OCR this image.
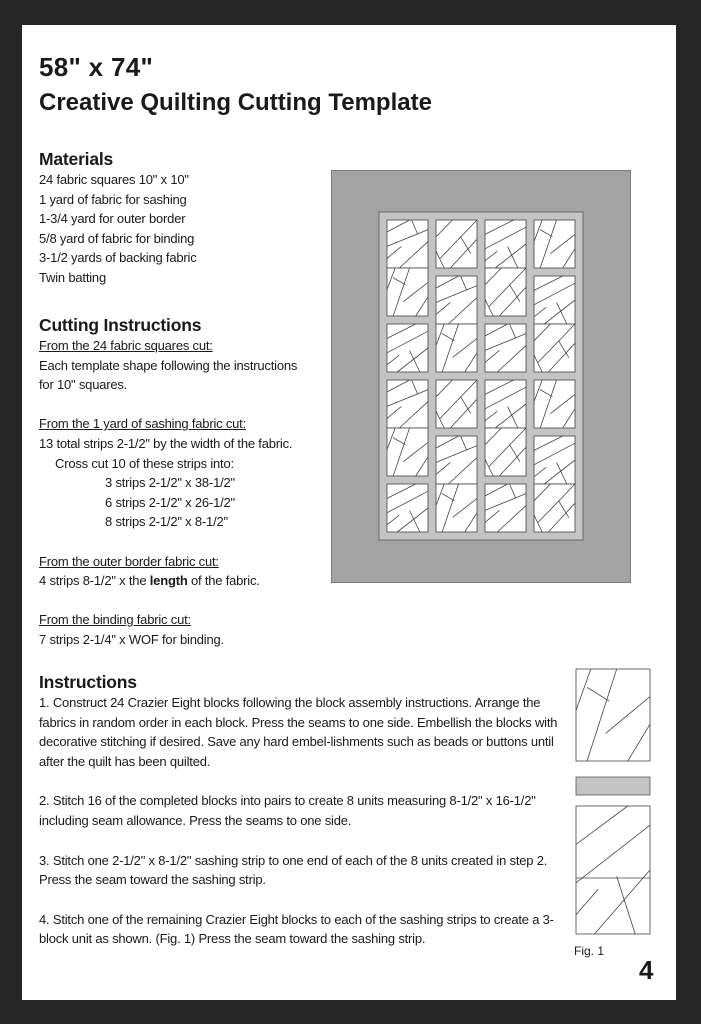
58" x 74"
Creative Quilting Cutting Template
Materials
24 fabric squares 10" x 10"
1 yard of fabric for sashing
1-3/4 yard for outer border
5/8 yard of fabric for binding
3-1/2 yards of backing fabric
Twin batting
Cutting Instructions
From the 24 fabric squares cut:
Each template shape following the instructions
for 10" squares.
From the 1 yard of sashing fabric cut:
13 total strips 2-1/2" by the width of the fabric.
Cross cut 10 of these strips into:
3 strips 2-1/2" x 38-1/2"
6 strips 2-1/2" x 26-1/2"
8 strips 2-1/2" x 8-1/2"
From the outer border fabric cut:
4 strips 8-1/2" x the length of the fabric.
From the binding fabric cut:
7 strips 2-1/4" x WOF for binding.
Instructions

1. Construct 24 Crazier Eight blocks following the block assembly instructions. Arrange the fabrics in random order in each block. Press the seams to one side. Embellish the blocks with decorative stitching if desired. Save any hard embel-lishments such as beads or buttons until after the quilt has been quilted.

2. Stitch 16 of the completed blocks into pairs to create 8 units measuring 8-1/2" x 16-1/2" including seam allowance. Press the seams to one side.

3. Stitch one 2-1/2" x 8-1/2" sashing strip to one end of each of the 8 units created in step 2. Press the seam toward the sashing strip.

4. Stitch one of the remaining Crazier Eight blocks to each of the sashing strips to create a 3-block unit as shown. (Fig. 1) Press the seam toward the sashing strip.

Fig. 1
4
